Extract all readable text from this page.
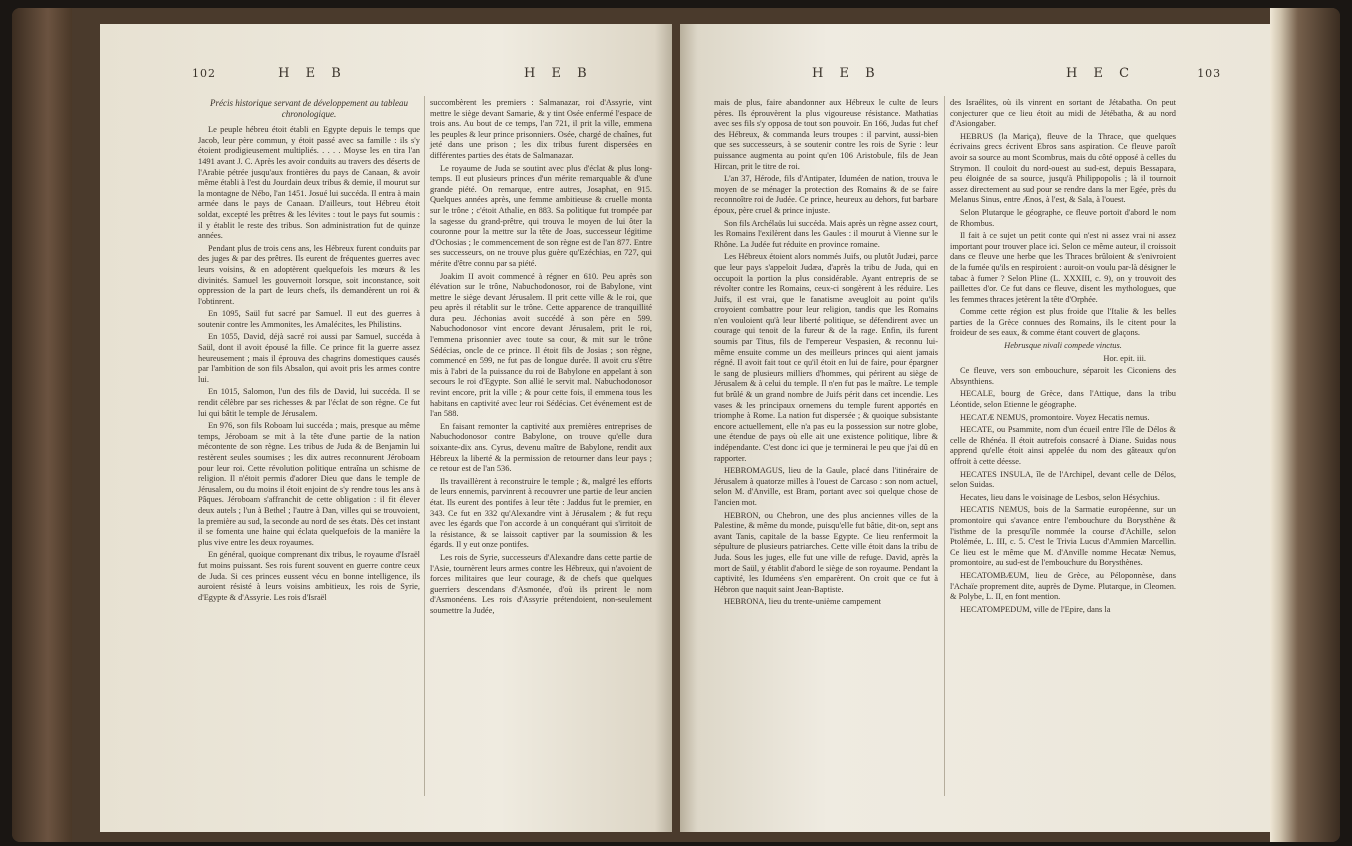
102	H E B	H E B

Précis historique servant de développement au tableau chronologique.

Le peuple hébreu étoit établi en Egypte depuis le temps que Jacob, leur père commun, y étoit passé avec sa famille : ils s'y étoient prodigieusement multipliés. . . . . Moyse les en tira l'an 1491 avant J. C. Après les avoir conduits au travers des déserts de l'Arabie pétrée jusqu'aux frontières du pays de Canaan, & avoir même établi à l'est du Jourdain deux tribus & demie, il mourut sur la montagne de Nébo, l'an 1451. Josué lui succéda. Il entra à main armée dans le pays de Canaan. D'ailleurs, tout Hébreu étoit soldat, excepté les prêtres & les lévites : tout le pays fut soumis : il y établit le reste des tribus. Son administration fut de quinze années.

Pendant plus de trois cens ans, les Hébreux furent conduits par des juges & par des prêtres. Ils eurent de fréquentes guerres avec leurs voisins, & en adoptèrent quelquefois les mœurs & les divinités. Samuel les gouvernoit lorsque, soit inconstance, soit oppression de la part de leurs chefs, ils demandèrent un roi & l'obtinrent.

En 1095, Saül fut sacré par Samuel. Il eut des guerres à soutenir contre les Ammonites, les Amalécites, les Philistins.

En 1055, David, déjà sacré roi aussi par Samuel, succéda à Saül, dont il avoit épousé la fille. Ce prince fit la guerre assez heureusement ; mais il éprouva des chagrins domestiques causés par l'ambition de son fils Absalon, qui avoit pris les armes contre lui.

En 1015, Salomon, l'un des fils de David, lui succéda. Il se rendit célèbre par ses richesses & par l'éclat de son règne. Ce fut lui qui bâtit le temple de Jérusalem.

En 976, son fils Roboam lui succéda ; mais, presque au même temps, Jéroboam se mit à la tête d'une partie de la nation mécontente de son règne. Les tribus de Juda & de Benjamin lui restèrent seules soumises ; les dix autres reconnurent Jéroboam pour leur roi. Cette révolution politique entraîna un schisme de religion. Il n'étoit permis d'adorer Dieu que dans le temple de Jérusalem, ou du moins il étoit enjoint de s'y rendre tous les ans à Pâques. Jéroboam s'affranchit de cette obligation : il fit élever deux autels ; l'un à Bethel ; l'autre à Dan, villes qui se trouvoient, la première au sud, la seconde au nord de ses états. Dès cet instant il se fomenta une haine qui éclata quelquefois de la manière la plus vive entre les deux royaumes.

En général, quoique comprenant dix tribus, le royaume d'Israël fut moins puissant. Ses rois furent souvent en guerre contre ceux de Juda. Si ces princes eussent vécu en bonne intelligence, ils auroient résisté à leurs voisins ambitieux, les rois de Syrie, d'Egypte & d'Assyrie. Les rois d'Israël

succombèrent les premiers : Salmanazar, roi d'Assyrie, vint mettre le siège devant Samarie, & y tint Osée enfermé l'espace de trois ans. Au bout de ce temps, l'an 721, il prit la ville, emmena les peuples & leur prince prisonniers. Osée, chargé de chaînes, fut jeté dans une prison ; les dix tribus furent dispersées en différentes parties des états de Salmanazar.

Le royaume de Juda se soutint avec plus d'éclat & plus long-temps. Il eut plusieurs princes d'un mérite remarquable & d'une grande piété. On remarque, entre autres, Josaphat, en 915. Quelques années après, une femme ambitieuse & cruelle monta sur le trône ; c'étoit Athalie, en 883. Sa politique fut trompée par la sagesse du grand-prêtre, qui trouva le moyen de lui ôter la couronne pour la mettre sur la tête de Joas, successeur légitime d'Ochosias ; le commencement de son règne est de l'an 877. Entre ses successeurs, on ne trouve plus guère qu'Ezéchias, en 727, qui mérite d'être connu par sa piété.

Joakim II avoit commencé à régner en 610. Peu après son élévation sur le trône, Nabuchodonosor, roi de Babylone, vint mettre le siège devant Jérusalem. Il prit cette ville & le roi, que peu après il rétablit sur le trône. Cette apparence de tranquillité dura peu. Jéchonias avoit succédé à son père en 599. Nabuchodonosor vint encore devant Jérusalem, prit le roi, l'emmena prisonnier avec toute sa cour, & mit sur le trône Sédécias, oncle de ce prince. Il étoit fils de Josias ; son règne, commencé en 599, ne fut pas de longue durée. Il avoit cru s'être mis à l'abri de la puissance du roi de Babylone en appelant à son secours le roi d'Egypte. Son allié le servit mal. Nabuchodonosor revint encore, prit la ville ; & pour cette fois, il emmena tous les habitans en captivité avec leur roi Sédécias. Cet événement est de l'an 588.

En faisant remonter la captivité aux premières entreprises de Nabuchodonosor contre Babylone, on trouve qu'elle dura soixante-dix ans. Cyrus, devenu maître de Babylone, rendit aux Hébreux la liberté & la permission de retourner dans leur pays ; ce retour est de l'an 536.

Ils travaillèrent à reconstruire le temple ; &, malgré les efforts de leurs ennemis, parvinrent à recouvrer une partie de leur ancien état. Ils eurent des pontifes à leur tête : Jaddus fut le premier, en 343. Ce fut en 332 qu'Alexandre vint à Jérusalem ; & fut reçu avec les égards que l'on accorde à un conquérant qui s'irritoit de la résistance, & se laissoit captiver par la soumission & les égards. Il y eut onze pontifes.

Les rois de Syrie, successeurs d'Alexandre dans cette partie de l'Asie, tournèrent leurs armes contre les Hébreux, qui n'avoient de forces militaires que leur courage, & de chefs que quelques guerriers descendans d'Asmonée, d'où ils prirent le nom d'Asmonéens. Les rois d'Assyrie prétendoient, non-seulement soumettre la Judée,

H E B	H E C	103

mais de plus, faire abandonner aux Hébreux le culte de leurs pères. Ils éprouvèrent la plus vigoureuse résistance. Mathatias avec ses fils s'y opposa de tout son pouvoir. En 166, Judas fut chef des Hébreux, & commanda leurs troupes : il parvint, aussi-bien que ses successeurs, à se soutenir contre les rois de Syrie : leur puissance augmenta au point qu'en 106 Aristobule, fils de Jean Hircan, prit le titre de roi.

L'an 37, Hérode, fils d'Antipater, Iduméen de nation, trouva le moyen de se ménager la protection des Romains & de se faire reconnoître roi de Judée. Ce prince, heureux au dehors, fut barbare époux, père cruel & prince injuste.

Son fils Archélaüs lui succéda. Mais après un règne assez court, les Romains l'exilèrent dans les Gaules : il mourut à Vienne sur le Rhône. La Judée fut réduite en province romaine.

Les Hébreux étoient alors nommés Juifs, ou plutôt Judæi, parce que leur pays s'appeloit Judæa, d'après la tribu de Juda, qui en occupoit la portion la plus considérable. Ayant entrepris de se révolter contre les Romains, ceux-ci songèrent à les réduire. Les Juifs, il est vrai, que le fanatisme aveugloit au point qu'ils croyoient combattre pour leur religion, tandis que les Romains n'en vouloient qu'à leur liberté politique, se défendirent avec un courage qui tenoit de la fureur & de la rage. Enfin, ils furent soumis par Titus, fils de l'empereur Vespasien, & reconnu lui-même ensuite comme un des meilleurs princes qui aient jamais régné. Il avoit fait tout ce qu'il étoit en lui de faire, pour épargner le sang de plusieurs milliers d'hommes, qui périrent au siège de Jérusalem & à celui du temple. Il n'en fut pas le maître. Le temple fut brûlé & un grand nombre de Juifs périt dans cet incendie. Les vases & les principaux ornemens du temple furent apportés en triomphe à Rome. La nation fut dispersée ; & quoique subsistante encore actuellement, elle n'a pas eu la possession sur notre globe, une étendue de pays où elle ait une existence politique, libre & indépendante. C'est donc ici que je terminerai le peu que j'ai dû en rapporter.

HEBROMAGUS, lieu de la Gaule, placé dans l'itinéraire de Jérusalem à quatorze milles à l'ouest de Carcaso : son nom actuel, selon M. d'Anville, est Bram, portant avec soi quelque chose de l'ancien mot.

HEBRON, ou Chebron, une des plus anciennes villes de la Palestine, & même du monde, puisqu'elle fut bâtie, dit-on, sept ans avant Tanis, capitale de la basse Egypte. Ce lieu renfermoit la sépulture de plusieurs patriarches. Cette ville étoit dans la tribu de Juda. Sous les juges, elle fut une ville de refuge. David, après la mort de Saül, y établit d'abord le siège de son royaume. Pendant la captivité, les Iduméens s'en emparèrent. On croit que ce fut à Hébron que naquit saint Jean-Baptiste.

HEBRONA, lieu du trente-unième campement

des Israélites, où ils vinrent en sortant de Jétabatha. On peut conjecturer que ce lieu étoit au midi de Jétébatha, & au nord d'Asiongaber.

HEBRUS (la Mariça), fleuve de la Thrace, que quelques écrivains grecs écrivent Ebros sans aspiration. Ce fleuve paroît avoir sa source au mont Scombrus, mais du côté opposé à celles du Strymon. Il couloit du nord-ouest au sud-est, depuis Bessapara, peu éloignée de sa source, jusqu'à Philippopolis ; là il tournoit assez directement au sud pour se rendre dans la mer Egée, près du Melanus Sinus, entre Ænos, à l'est, & Sala, à l'ouest.

Selon Plutarque le géographe, ce fleuve portoit d'abord le nom de Rhombus.

Il fait à ce sujet un petit conte qui n'est ni assez vrai ni assez important pour trouver place ici. Selon ce même auteur, il croissoit dans ce fleuve une herbe que les Thraces brûloient & s'enivroient de la fumée qu'ils en respiroient : auroit-on voulu par-là désigner le tabac à fumer ? Selon Pline (L. XXXIII, c. 9), on y trouvoit des paillettes d'or. Ce fut dans ce fleuve, disent les mythologues, que les femmes thraces jetèrent la tête d'Orphée.

Comme cette région est plus froide que l'Italie & les belles parties de la Grèce connues des Romains, ils le citent pour la froideur de ses eaux, & comme étant couvert de glaçons.

Hebrusque nivali compede vinctus.

Hor. epit. iii.

Ce fleuve, vers son embouchure, séparoit les Ciconiens des Absynthiens.

HECALE, bourg de Grèce, dans l'Attique, dans la tribu Léontide, selon Etienne le géographe.

HECATÆ NEMUS, promontoire. Voyez Hecatis nemus.

HECATE, ou Psammite, nom d'un écueil entre l'île de Délos & celle de Rhénéa. Il étoit autrefois consacré à Diane. Suidas nous apprend qu'elle étoit ainsi appelée du nom des gâteaux qu'on offroit à cette déesse.

HECATES INSULA, île de l'Archipel, devant celle de Délos, selon Suidas.

Hecates, lieu dans le voisinage de Lesbos, selon Hésychius.

HECATIS NEMUS, bois de la Sarmatie européenne, sur un promontoire qui s'avance entre l'embouchure du Borysthène & l'isthme de la presqu'île nommée la course d'Achille, selon Ptolémée, L. III, c. 5. C'est le Trivia Lucus d'Ammien Marcellin. Ce lieu est le même que M. d'Anville nomme Hecatæ Nemus, promontoire, au sud-est de l'embouchure du Borysthènes.

HECATOMBÆUM, lieu de Grèce, au Péloponnèse, dans l'Achaïe proprement dite, auprès de Dyme. Plutarque, in Cleomen. & Polybe, L. II, en font mention.

HECATOMPEDUM, ville de l'Epire, dans la
